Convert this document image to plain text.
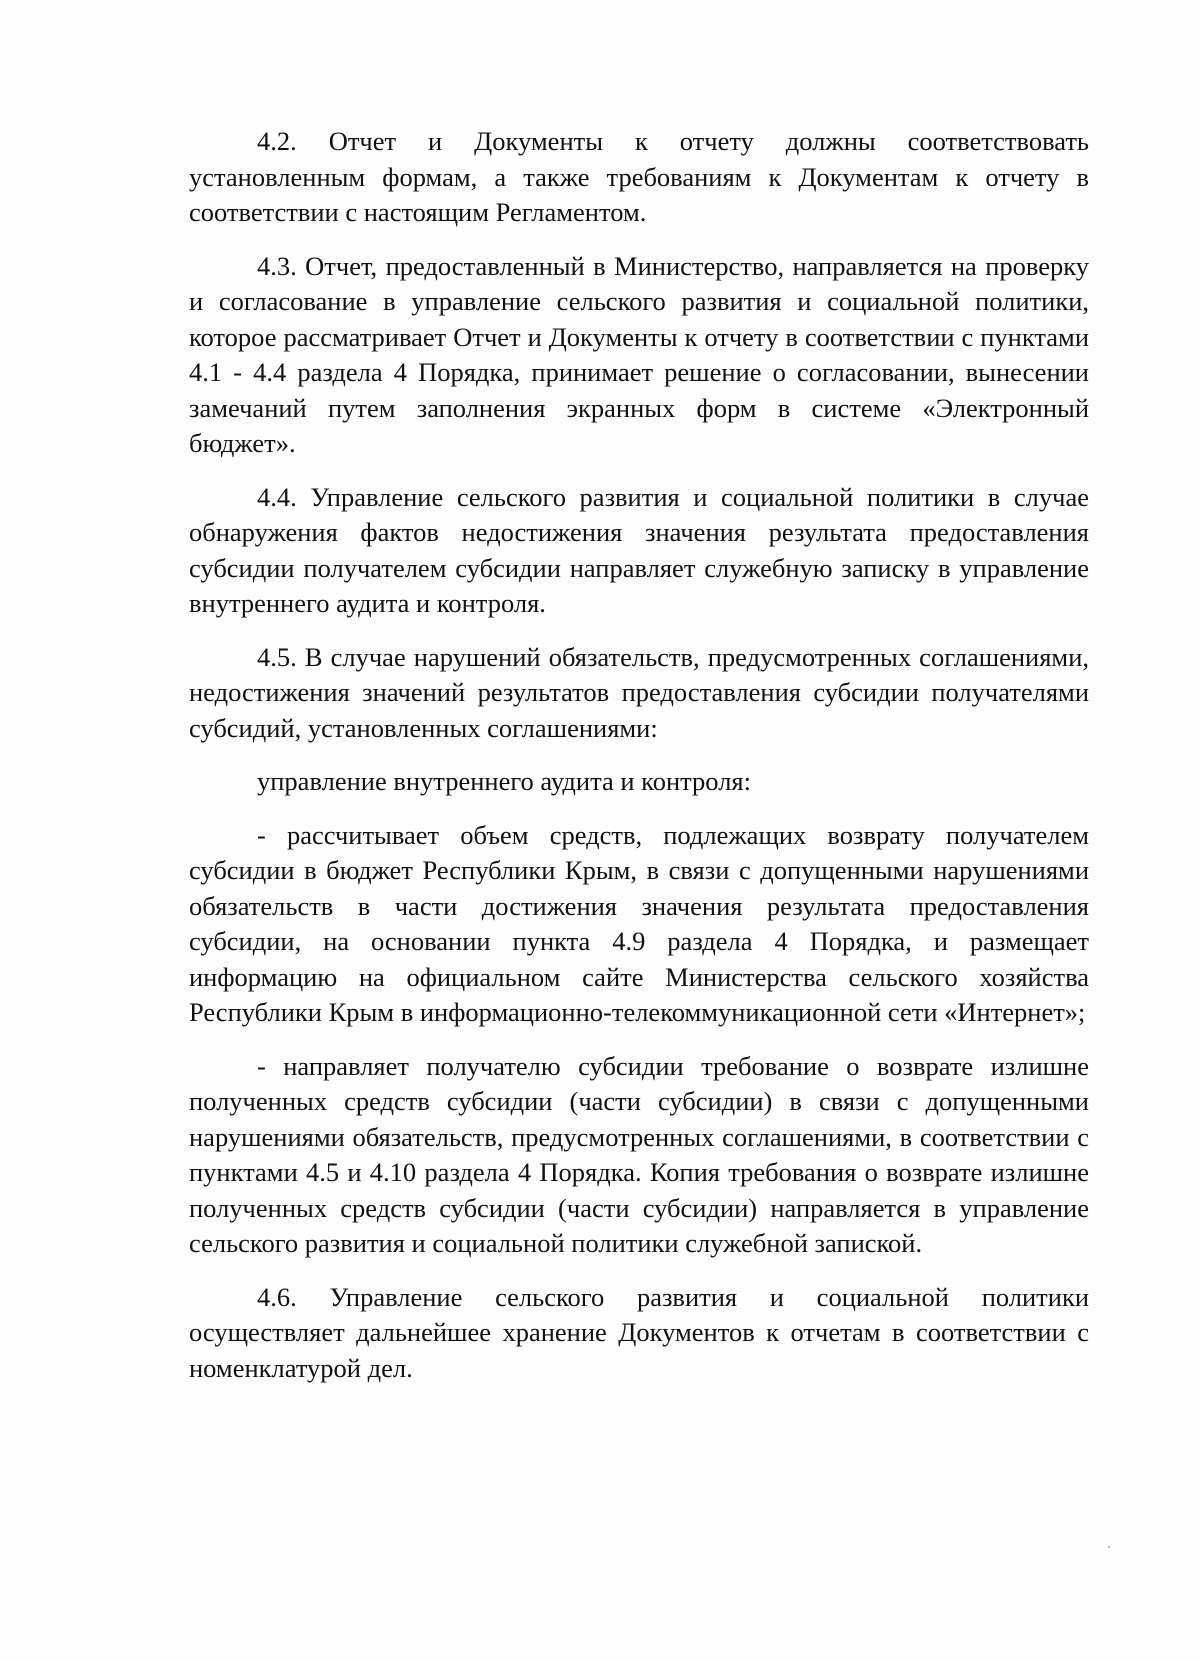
4.2. Отчет и Документы к отчету должны соответствовать установленным формам, а также требованиям к Документам к отчету в соответствии с настоящим Регламентом.

4.3. Отчет, предоставленный в Министерство, направляется на проверку и согласование в управление сельского развития и социальной политики, которое рассматривает Отчет и Документы к отчету в соответствии с пунктами 4.1 - 4.4 раздела 4 Порядка, принимает решение о согласовании, вынесении замечаний путем заполнения экранных форм в системе «Электронный бюджет».

4.4. Управление сельского развития и социальной политики в случае обнаружения фактов недостижения значения результата предоставления субсидии получателем субсидии направляет служебную записку в управление внутреннего аудита и контроля.

4.5. В случае нарушений обязательств, предусмотренных соглашениями, недостижения значений результатов предоставления субсидии получателями субсидий, установленных соглашениями:

управление внутреннего аудита и контроля:

- рассчитывает объем средств, подлежащих возврату получателем субсидии в бюджет Республики Крым, в связи с допущенными нарушениями обязательств в части достижения значения результата предоставления субсидии, на основании пункта 4.9 раздела 4 Порядка, и размещает информацию на официальном сайте Министерства сельского хозяйства Республики Крым в информационно-телекоммуникационной сети «Интернет»;

- направляет получателю субсидии требование о возврате излишне полученных средств субсидии (части субсидии) в связи с допущенными нарушениями обязательств, предусмотренных соглашениями, в соответствии с пунктами 4.5 и 4.10 раздела 4 Порядка. Копия требования о возврате излишне полученных средств субсидии (части субсидии) направляется в управление сельского развития и социальной политики служебной запиской.

4.6. Управление сельского развития и социальной политики осуществляет дальнейшее хранение Документов к отчетам в соответствии с номенклатурой дел.
